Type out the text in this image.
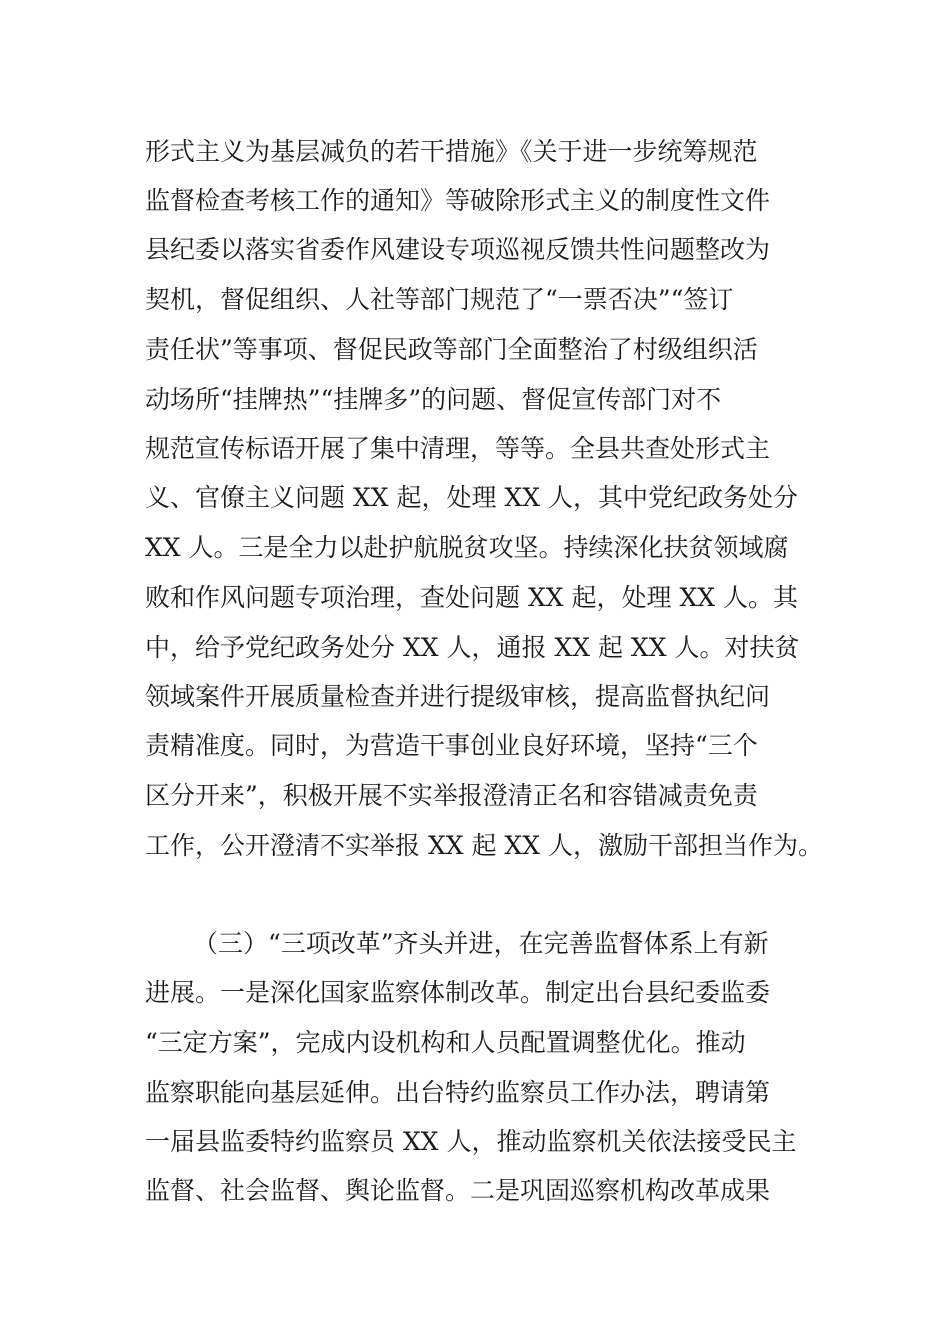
形式主义为基层减负的若干措施》《关于进一步统筹规范
监督检查考核工作的通知》等破除形式主义的制度性文件
县纪委以落实省委作风建设专项巡视反馈共性问题整改为
契机，督促组织、人社等部门规范了“一票否决”“签订
责任状”等事项、督促民政等部门全面整治了村级组织活
动场所“挂牌热”“挂牌多”的问题、督促宣传部门对不
规范宣传标语开展了集中清理，等等。全县共查处形式主
义、官僚主义问题 XX 起，处理 XX 人，其中党纪政务处分
XX 人。三是全力以赴护航脱贫攻坚。持续深化扶贫领域腐
败和作风问题专项治理，查处问题 XX 起，处理 XX 人。其
中，给予党纪政务处分 XX 人，通报 XX 起 XX 人。对扶贫
领域案件开展质量检查并进行提级审核，提高监督执纪问
责精准度。同时，为营造干事创业良好环境，坚持“三个
区分开来”，积极开展不实举报澄清正名和容错减责免责
工作，公开澄清不实举报 XX 起 XX 人，激励干部担当作为。
（三）“三项改革”齐头并进，在完善监督体系上有新
进展。一是深化国家监察体制改革。制定出台县纪委监委
“三定方案”，完成内设机构和人员配置调整优化。推动
监察职能向基层延伸。出台特约监察员工作办法，聘请第
一届县监委特约监察员 XX 人，推动监察机关依法接受民主
监督、社会监督、舆论监督。二是巩固巡察机构改革成果
